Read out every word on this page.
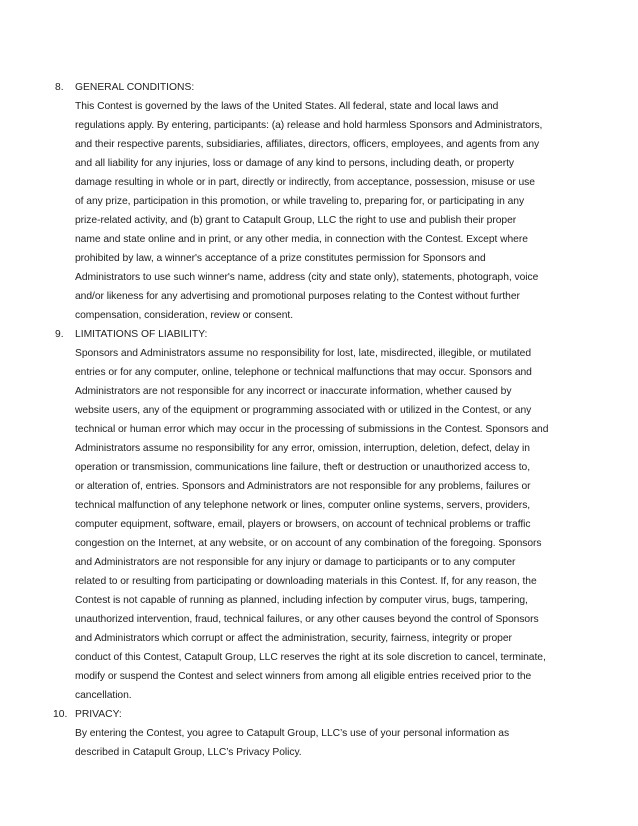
8.	GENERAL CONDITIONS:
This Contest is governed by the laws of the United States. All federal, state and local laws and
regulations apply. By entering, participants: (a) release and hold harmless Sponsors and Administrators,
and their respective parents, subsidiaries, affiliates, directors, officers, employees, and agents from any
and all liability for any injuries, loss or damage of any kind to persons, including death, or property
damage resulting in whole or in part, directly or indirectly, from acceptance, possession, misuse or use
of any prize, participation in this promotion, or while traveling to, preparing for, or participating in any
prize-related activity, and (b) grant to Catapult Group, LLC the right to use and publish their proper
name and state online and in print, or any other media, in connection with the Contest. Except where
prohibited by law, a winner's acceptance of a prize constitutes permission for Sponsors and
Administrators to use such winner's name, address (city and state only), statements, photograph, voice
and/or likeness for any advertising and promotional purposes relating to the Contest without further
compensation, consideration, review or consent.
9.	LIMITATIONS OF LIABILITY:
Sponsors and Administrators assume no responsibility for lost, late, misdirected, illegible, or mutilated
entries or for any computer, online, telephone or technical malfunctions that may occur. Sponsors and
Administrators are not responsible for any incorrect or inaccurate information, whether caused by
website users, any of the equipment or programming associated with or utilized in the Contest, or any
technical or human error which may occur in the processing of submissions in the Contest. Sponsors and
Administrators assume no responsibility for any error, omission, interruption, deletion, defect, delay in
operation or transmission, communications line failure, theft or destruction or unauthorized access to,
or alteration of, entries. Sponsors and Administrators are not responsible for any problems, failures or
technical malfunction of any telephone network or lines, computer online systems, servers, providers,
computer equipment, software, email, players or browsers, on account of technical problems or traffic
congestion on the Internet, at any website, or on account of any combination of the foregoing. Sponsors
and Administrators are not responsible for any injury or damage to participants or to any computer
related to or resulting from participating or downloading materials in this Contest. If, for any reason, the
Contest is not capable of running as planned, including infection by computer virus, bugs, tampering,
unauthorized intervention, fraud, technical failures, or any other causes beyond the control of Sponsors
and Administrators which corrupt or affect the administration, security, fairness, integrity or proper
conduct of this Contest, Catapult Group, LLC reserves the right at its sole discretion to cancel, terminate,
modify or suspend the Contest and select winners from among all eligible entries received prior to the
cancellation.
10. PRIVACY:
By entering the Contest, you agree to Catapult Group, LLC’s use of your personal information as
described in Catapult Group, LLC’s Privacy Policy.
